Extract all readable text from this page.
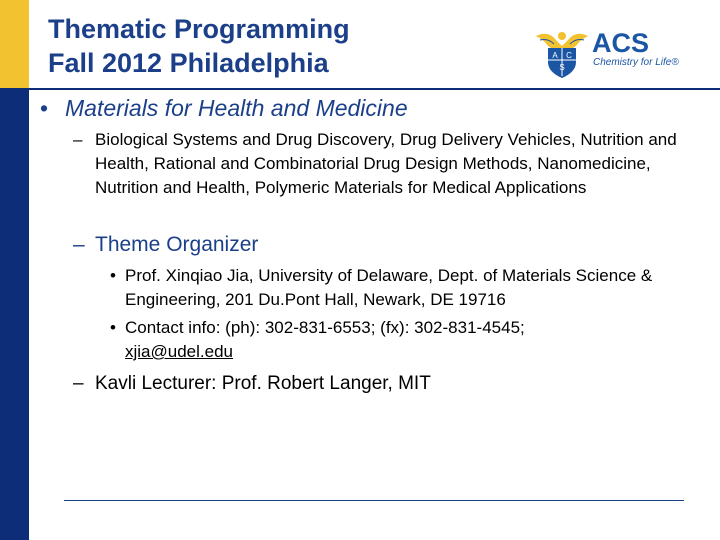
Thematic Programming
Fall 2012 Philadelphia	A C
S
ACS
Chemistry for Life®

• Materials for Health and Medicine

– Biological Systems and Drug Discovery, Drug Delivery Vehicles, Nutrition and Health, Rational and Combinatorial Drug Design Methods, Nanomedicine, Nutrition and Health, Polymeric Materials for Medical Applications

– Theme Organizer

• Prof. Xinqiao Jia, University of Delaware, Dept. of Materials Science & Engineering, 201 Du.Pont Hall, Newark, DE 19716

• Contact info: (ph): 302-831-6553; (fx): 302-831-4545;
xjia@udel.edu

– Kavli Lecturer: Prof. Robert Langer, MIT
